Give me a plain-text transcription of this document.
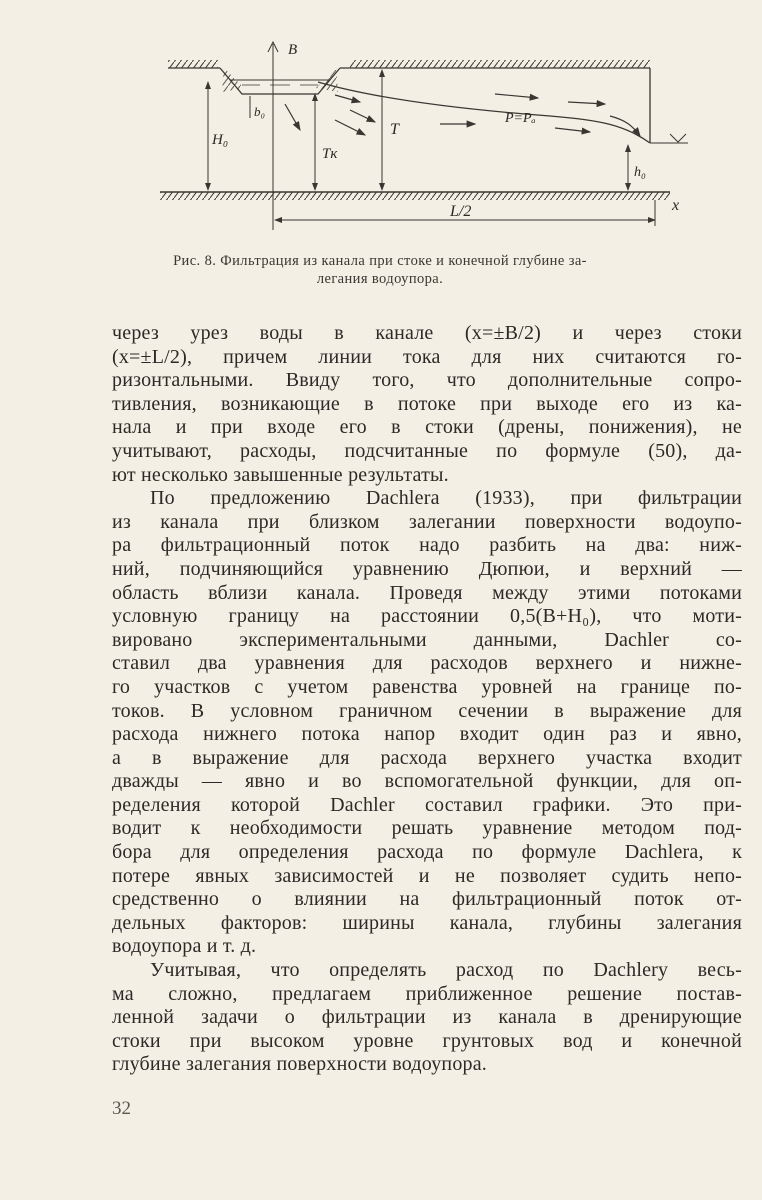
B
b₀
H₀
Tк
T
P=Pₐ
h₀
L/2	x
Рис. 8. Фильтрация из канала при стоке и конечной глубине за-
легания водоупора.

через урез воды в канале (x=±B/2) и через стоки
(x=±L/2), причем линии тока для них считаются го-
ризонтальными. Ввиду того, что дополнительные сопро-
тивления, возникающие в потоке при выходе его из ка-
нала и при входе его в стоки (дрены, понижения), не
учитывают, расходы, подсчитанные по формуле (50), да-
ют несколько завышенные результаты.

По предложению Dachlera (1933), при фильтрации
из канала при близком залегании поверхности водоупо-
ра фильтрационный поток надо разбить на два: ниж-
ний, подчиняющийся уравнению Дюпюи, и верхний —
область вблизи канала. Проведя между этими потоками
условную границу на расстоянии 0,5(B+H₀), что моти-
вировано экспериментальными данными, Dachler со-
ставил два уравнения для расходов верхнего и нижне-
го участков с учетом равенства уровней на границе по-
токов. В условном граничном сечении в выражение для
расхода нижнего потока напор входит один раз и явно,
а в выражение для расхода верхнего участка входит
дважды — явно и во вспомогательной функции, для оп-
ределения которой Dachler составил графики. Это при-
водит к необходимости решать уравнение методом под-
бора для определения расхода по формуле Dachlera, к
потере явных зависимостей и не позволяет судить непо-
средственно о влиянии на фильтрационный поток от-
дельных факторов: ширины канала, глубины залегания
водоупора и т. д.

Учитывая, что определять расход по Dachlery весь-
ма сложно, предлагаем приближенное решение постав-
ленной задачи о фильтрации из канала в дренирующие
стоки при высоком уровне грунтовых вод и конечной
глубине залегания поверхности водоупора.

32
